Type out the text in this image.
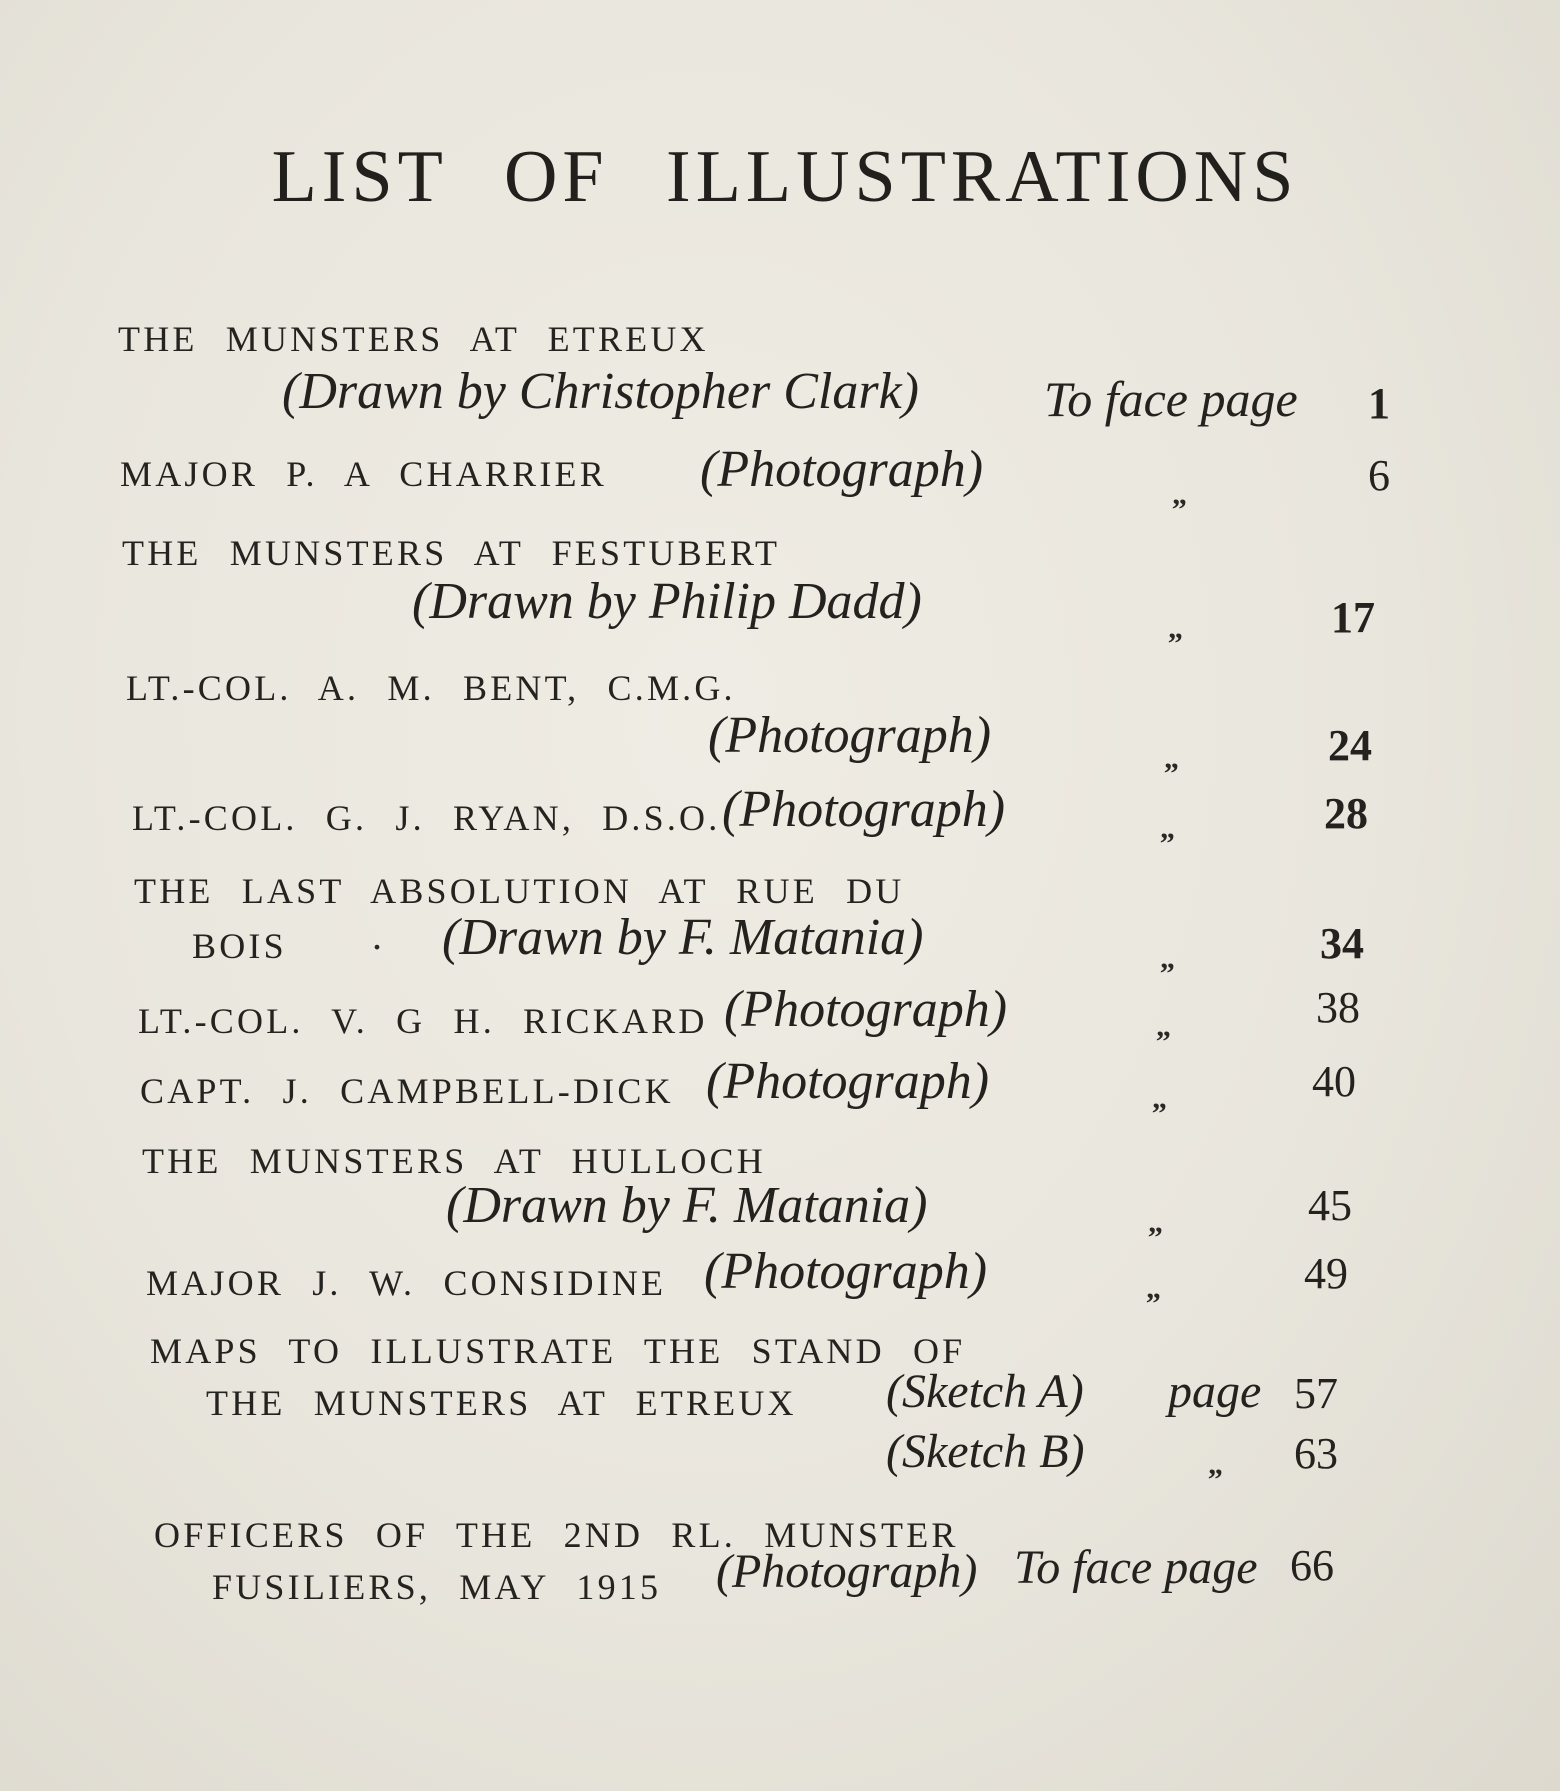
LIST OF ILLUSTRATIONS
THE MUNSTERS AT ETREUX
(Drawn by Christopher Clark)	To face page	1
MAJOR P. A CHARRIER (Photograph)	„	6
THE MUNSTERS AT FESTUBERT
(Drawn by Philip Dadd)	„	17
LT.-COL. A. M. BENT, C.M.G.
(Photograph)	„	24
LT.-COL. G. J. RYAN, D.S.O. (Photograph)	„	28
THE LAST ABSOLUTION AT RUE DU
BOIS . (Drawn by F. Matania)	„	34
LT.-COL. V. G H. RICKARD (Photograph)	„	38
CAPT. J. CAMPBELL-DICK (Photograph)	„	40
THE MUNSTERS AT HULLOCH
(Drawn by F. Matania)	„	45
MAJOR J. W. CONSIDINE (Photograph)	„	49
MAPS TO ILLUSTRATE THE STAND OF
THE MUNSTERS AT ETREUX (Sketch A) page 57
(Sketch B)	„	63
OFFICERS OF THE 2ND RL. MUNSTER
FUSILIERS, MAY 1915 (Photograph) To face page 66
